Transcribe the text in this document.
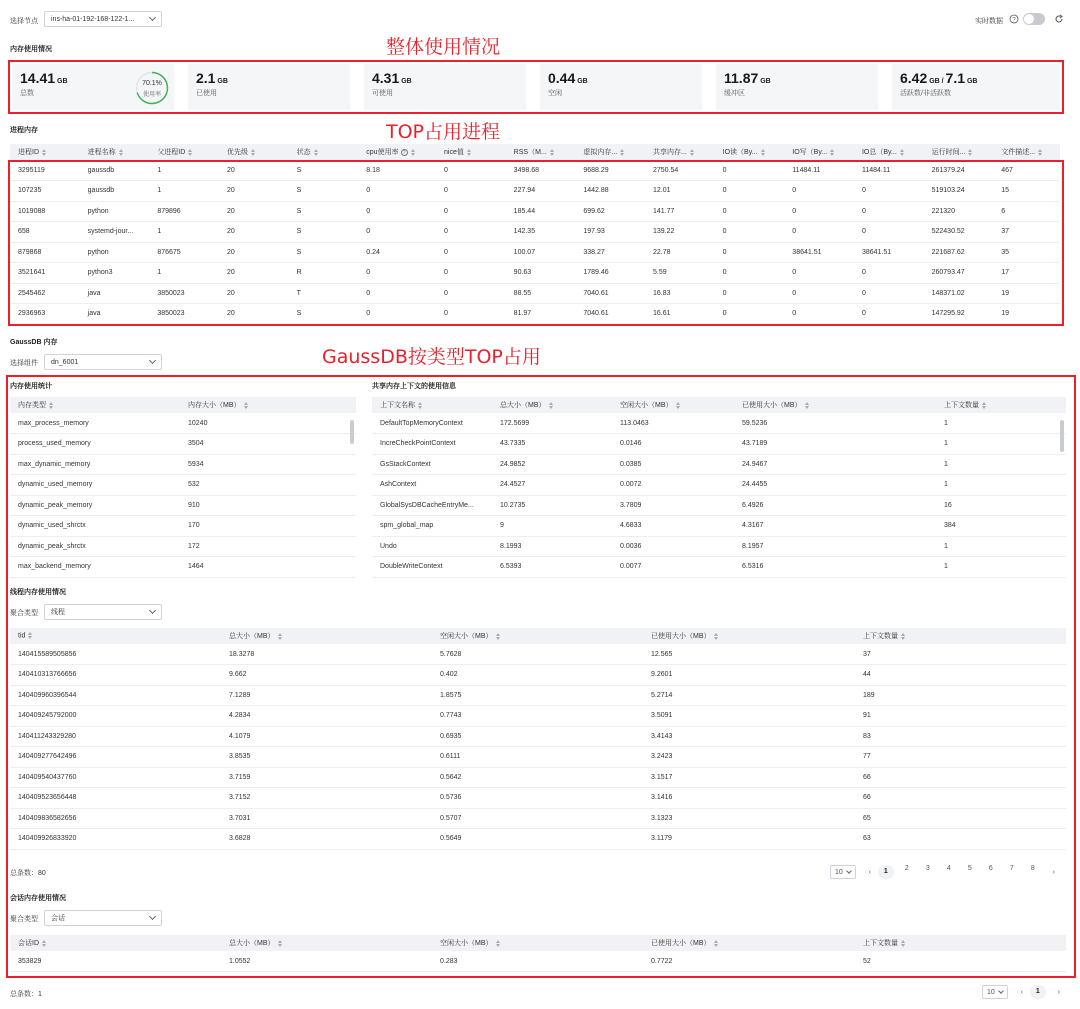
选择节点 ins-ha-01-192-168-122-1...	实时数据 ?
内存使用情况	整体使用情况
14.41 GB
总数
70.1%
使用率
2.1 GB
已使用
4.31 GB
可使用
0.44 GB
空闲
11.87 GB
缓冲区
6.42 GB / 7.1 GB
活跃数/非活跃数
TOP占用进程
进程内存
进程ID	进程名称	父进程ID	优先级	状态	cpu使用率 ?	nice值	RSS（M...	虚拟内存...	共享内存...	IO读（By...	IO写（By...	IO总（By...	运行时间...	文件描述...
3295119	gaussdb	1	20	S	8.18	0	3498.68	9688.29	2750.54	0	11484.11	11484.11	261379.24	467
107235	gaussdb	1	20	S	0	0	227.94	1442.88	12.01	0	0	0	519103.24	15
1019088	python	879896	20	S	0	0	185.44	699.62	141.77	0	0	0	221320	6
658	systemd-jour...	1	20	S	0	0	142.35	197.93	139.22	0	0	0	522430.52	37
879868	python	876675	20	S	0.24	0	100.07	338.27	22.78	0	38641.51	38641.51	221687.62	35
3521641	python3	1	20	R	0	0	90.63	1789.46	5.59	0	0	0	260793.47	17
2545462	java	3850023	20	T	0	0	88.55	7040.61	16.83	0	0	0	148371.02	19
2936963	java	3850023	20	S	0	0	81.97	7040.61	16.61	0	0	0	147295.92	19
GaussDB 内存
GaussDB按类型TOP占用
选择组件 dn_6001
内存使用统计
内存类型	内存大小（MB）
max_process_memory	10240
process_used_memory	3504
max_dynamic_memory	5934
dynamic_used_memory	532
dynamic_peak_memory	910
dynamic_used_shrctx	170
dynamic_peak_shrctx	172
max_backend_memory	1464
共享内存上下文的使用信息
上下文名称	总大小（MB）	空闲大小（MB）	已使用大小（MB）	上下文数量
DefaultTopMemoryContext	172.5699	113.0463	59.5236	1
IncreCheckPointContext	43.7335	0.0146	43.7189	1
GsStackContext	24.9852	0.0385	24.9467	1
AshContext	24.4527	0.0072	24.4455	1
GlobalSysDBCacheEntryMe...	10.2735	3.7809	6.4926	16
spm_global_map	9	4.6833	4.3167	384
Undo	8.1993	0.0036	8.1957	1
DoubleWriteContext	6.5393	0.0077	6.5316	1
线程内存使用情况
聚合类型 线程
tid	总大小（MB）	空闲大小（MB）	已使用大小（MB）	上下文数量
140415589505856	18.3278	5.7628	12.565	37
140410313766656	9.662	0.402	9.2601	44
140409960396544	7.1289	1.8575	5.2714	189
140409245792000	4.2834	0.7743	3.5091	91
140411243329280	4.1079	0.6935	3.4143	83
140409277642496	3.8535	0.6111	3.2423	77
140409540437760	3.7159	0.5642	3.1517	66
140409523656448	3.7152	0.5736	3.1416	66
140409836582656	3.7031	0.5707	3.1323	65
140409926833920	3.6828	0.5649	3.1179	63
总条数：80	10	‹	1	2	3	4	5	6	7	8	›
会话内存使用情况
聚合类型 会话
会话ID	总大小（MB）	空闲大小（MB）	已使用大小（MB）	上下文数量
353829	1.0552	0.283	0.7722	52
总条数：1	10	‹	1	›
